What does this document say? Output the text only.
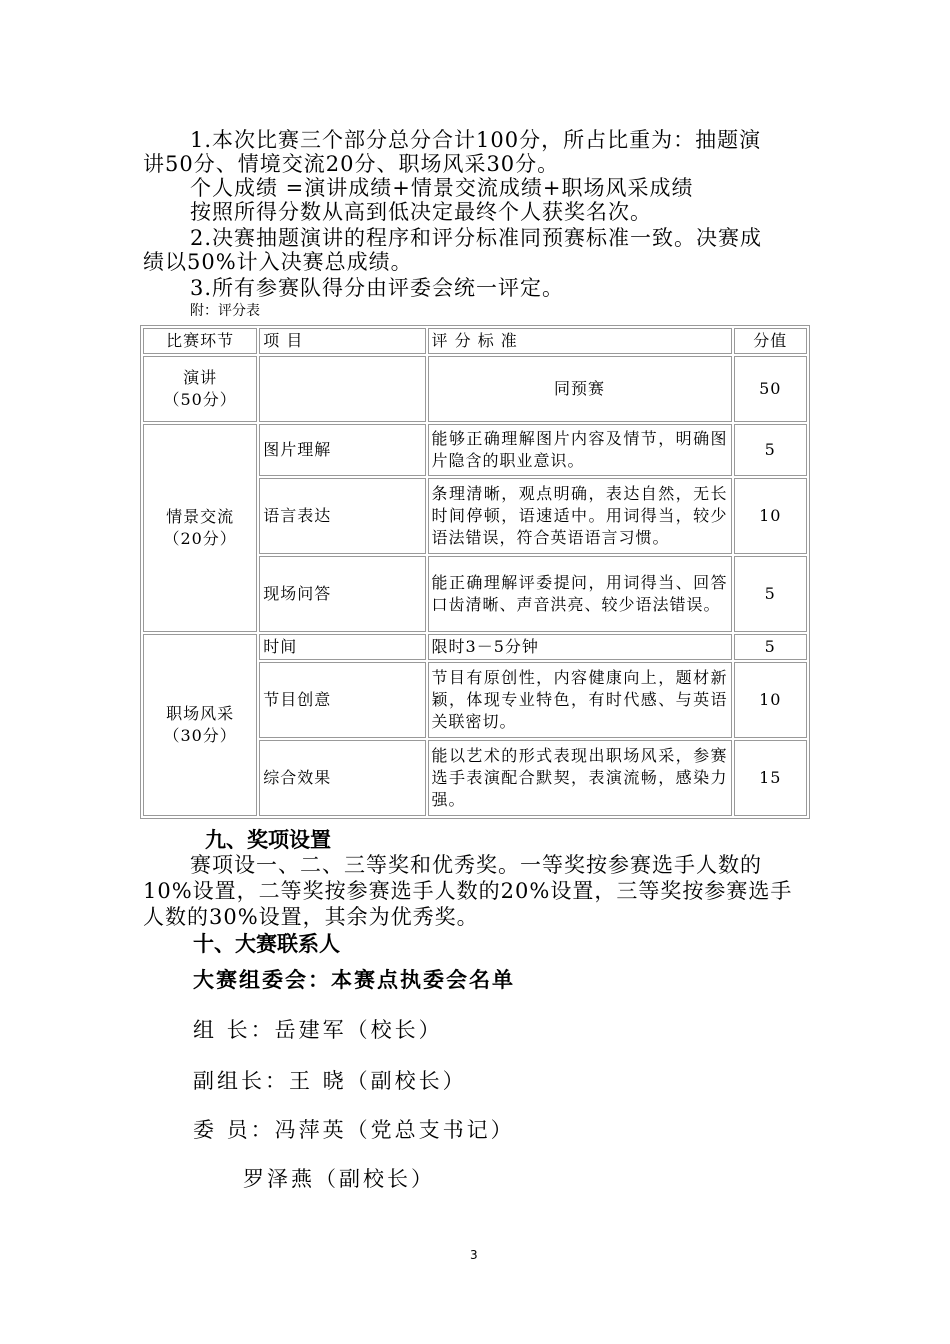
1.本次比赛三个部分总分合计100分，所占比重为：抽题演
讲50分、情境交流20分、职场风采30分。
个人成绩 =演讲成绩+情景交流成绩+职场风采成绩
按照所得分数从高到低决定最终个人获奖名次。
2.决赛抽题演讲的程序和评分标准同预赛标准一致。决赛成
绩以50%计入决赛总成绩。
3.所有参赛队得分由评委会统一评定。
附：评分表
比赛环节	项 目	评 分 标 准	分值
演讲
（50分）		同预赛	50
情景交流
（20分）	图片理解	能够正确理解图片内容及情节，明确图片隐含的职业意识。	5
	语言表达	条理清晰，观点明确，表达自然，无长时间停顿，语速适中。用词得当，较少语法错误，符合英语语言习惯。	10
	现场问答	能正确理解评委提问，用词得当、回答口齿清晰、声音洪亮、较少语法错误。	5
职场风采
（30分）	时间	限时3－5分钟	5
	节目创意	节目有原创性，内容健康向上，题材新颖，体现专业特色，有时代感、与英语关联密切。	10
	综合效果	能以艺术的形式表现出职场风采，参赛选手表演配合默契，表演流畅，感染力强。	15
九、奖项设置
赛项设一、二、三等奖和优秀奖。一等奖按参赛选手人数的
10%设置，二等奖按参赛选手人数的20%设置，三等奖按参赛选手
人数的30%设置，其余为优秀奖。
十、大赛联系人
大赛组委会：本赛点执委会名单
组 长：岳建军（校长）
副组长：王 晓（副校长）
委 员：冯萍英（党总支书记）
罗泽燕（副校长）
3
